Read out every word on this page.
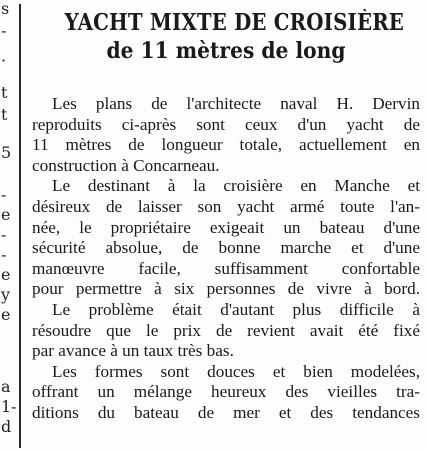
s
-
·
t
t
5
-
e
-
-
e
y
e
a
1-
d
YACHT MIXTE DE CROISIÈRE
de 11 mètres de long

Les plans de l'architecte naval H. Dervin
reproduits ci-après sont ceux d'un yacht de
11 mètres de longueur totale, actuellement en
construction à Concarneau.

Le destinant à la croisière en Manche et
désireux de laisser son yacht armé toute l'an-
née, le propriétaire exigeait un bateau d'une
sécurité absolue, de bonne marche et d'une
manœuvre facile, suffisamment confortable
pour permettre à six personnes de vivre à bord.

Le problème était d'autant plus difficile à
résoudre que le prix de revient avait été fixé
par avance à un taux très bas.

Les formes sont douces et bien modelées,
offrant un mélange heureux des vieilles tra-
ditions du bateau de mer et des tendances
